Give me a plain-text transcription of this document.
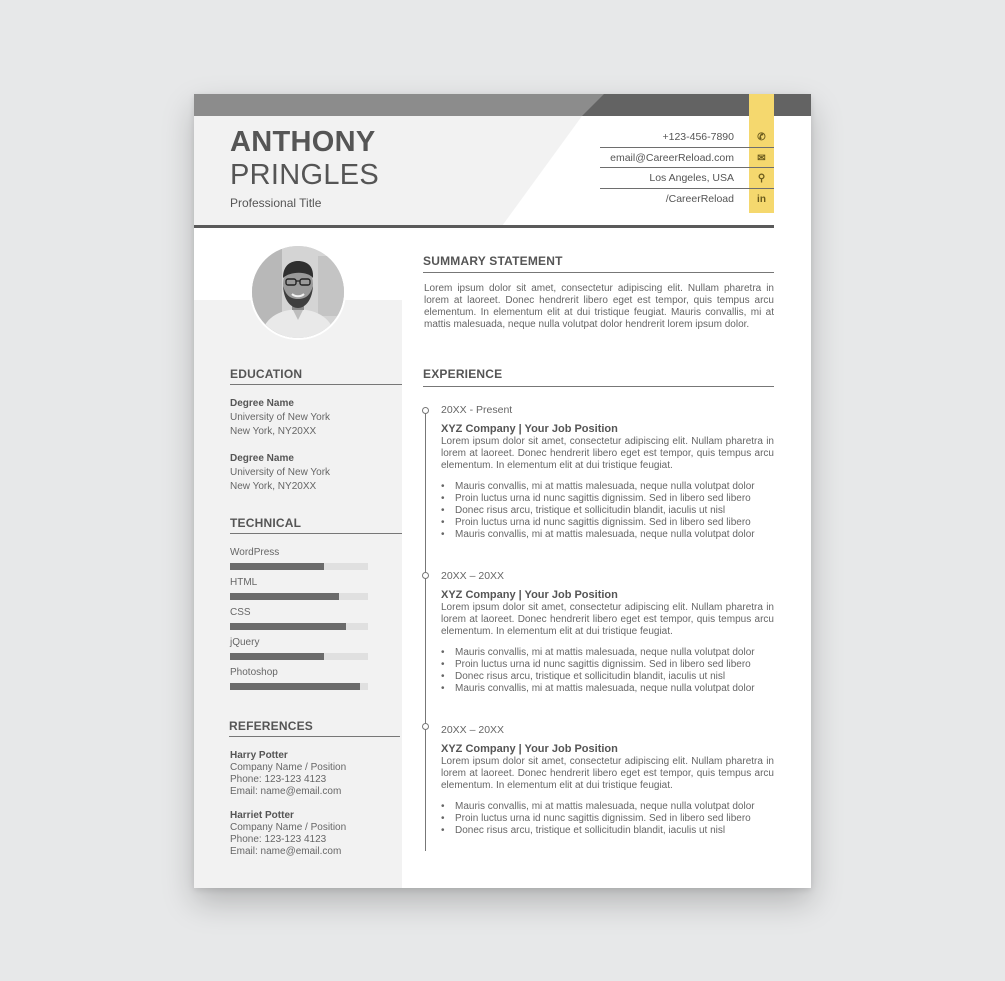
ANTHONY
PRINGLES
Professional Title
✆
✉
⚲
in
+123-456-7890
email@CareerReload.com
Los Angeles, USA
/CareerReload
EDUCATION
Degree Name
University of New York
New York, NY20XX
Degree Name
University of New York
New York, NY20XX
TECHNICAL
WordPress
HTML
CSS
jQuery
Photoshop
REFERENCES
Harry Potter
Company Name / Position
Phone: 123-123 4123
Email: name@email.com
Harriet Potter
Company Name / Position
Phone: 123-123 4123
Email: name@email.com
SUMMARY STATEMENT
Lorem ipsum dolor sit amet, consectetur adipiscing elit. Nullam pharetra in lorem at laoreet. Donec hendrerit libero eget est tempor, quis tempus arcu elementum. In elementum elit at dui tristique feugiat. Mauris convallis, mi at mattis malesuada, neque nulla volutpat dolor hendrerit lorem ipsum dolor.
EXPERIENCE
20XX - Present
XYZ Company | Your Job Position
Lorem ipsum dolor sit amet, consectetur adipiscing elit. Nullam pharetra in lorem at laoreet. Donec hendrerit libero eget est tempor, quis tempus arcu elementum. In elementum elit at dui tristique feugiat.
• Mauris convallis, mi at mattis malesuada, neque nulla volutpat dolor
• Proin luctus urna id nunc sagittis dignissim. Sed in libero sed libero
• Donec risus arcu, tristique et sollicitudin blandit, iaculis ut nisl
• Proin luctus urna id nunc sagittis dignissim. Sed in libero sed libero
• Mauris convallis, mi at mattis malesuada, neque nulla volutpat dolor
20XX – 20XX
XYZ Company | Your Job Position
Lorem ipsum dolor sit amet, consectetur adipiscing elit. Nullam pharetra in lorem at laoreet. Donec hendrerit libero eget est tempor, quis tempus arcu elementum. In elementum elit at dui tristique feugiat.
• Mauris convallis, mi at mattis malesuada, neque nulla volutpat dolor
• Proin luctus urna id nunc sagittis dignissim. Sed in libero sed libero
• Donec risus arcu, tristique et sollicitudin blandit, iaculis ut nisl
• Mauris convallis, mi at mattis malesuada, neque nulla volutpat dolor
20XX – 20XX
XYZ Company | Your Job Position
Lorem ipsum dolor sit amet, consectetur adipiscing elit. Nullam pharetra in lorem at laoreet. Donec hendrerit libero eget est tempor, quis tempus arcu elementum. In elementum elit at dui tristique feugiat.
• Mauris convallis, mi at mattis malesuada, neque nulla volutpat dolor
• Proin luctus urna id nunc sagittis dignissim. Sed in libero sed libero
• Donec risus arcu, tristique et sollicitudin blandit, iaculis ut nisl
